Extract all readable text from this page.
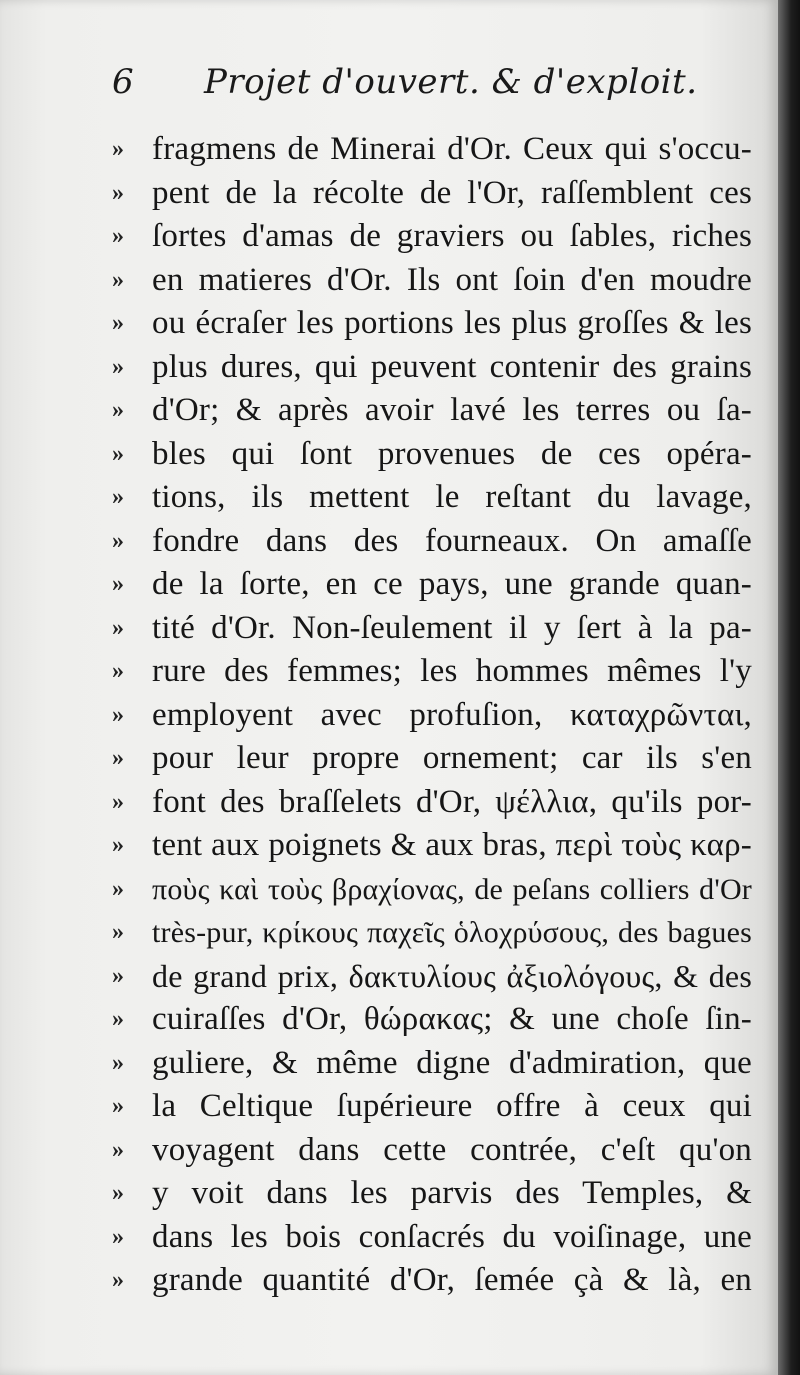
6 Projet d'ouvert. & d'exploit.
» fragmens de Minerai d'Or. Ceux qui s'occu-
» pent de la récolte de l'Or, raſſemblent ces
» ſortes d'amas de graviers ou ſables, riches
» en matieres d'Or. Ils ont ſoin d'en moudre
» ou écraſer les portions les plus groſſes & les
» plus dures, qui peuvent contenir des grains
» d'Or; & après avoir lavé les terres ou ſa-
» bles qui ſont provenues de ces opéra-
» tions, ils mettent le reſtant du lavage,
» fondre dans des fourneaux. On amaſſe
» de la ſorte, en ce pays, une grande quan-
» tité d'Or. Non-ſeulement il y ſert à la pa-
» rure des femmes; les hommes mêmes l'y
» employent avec profuſion, καταχρῶνται,
» pour leur propre ornement; car ils s'en
» font des braſſelets d'Or, ψέλλια, qu'ils por-
» tent aux poignets & aux bras, περὶ τοὺς καρ-
» ποὺς καὶ τοὺς βραχίονας, de peſans colliers d'Or
» très-pur, κρίκους παχεῖς ὁλοχρύσους, des bagues
» de grand prix, δακτυλίους ἀξιολόγους, & des
» cuiraſſes d'Or, θώρακας; & une choſe ſin-
» guliere, & même digne d'admiration, que
» la Celtique ſupérieure offre à ceux qui
» voyagent dans cette contrée, c'eſt qu'on
» y voit dans les parvis des Temples, &
» dans les bois conſacrés du voiſinage, une
» grande quantité d'Or, ſemée çà & là, en
